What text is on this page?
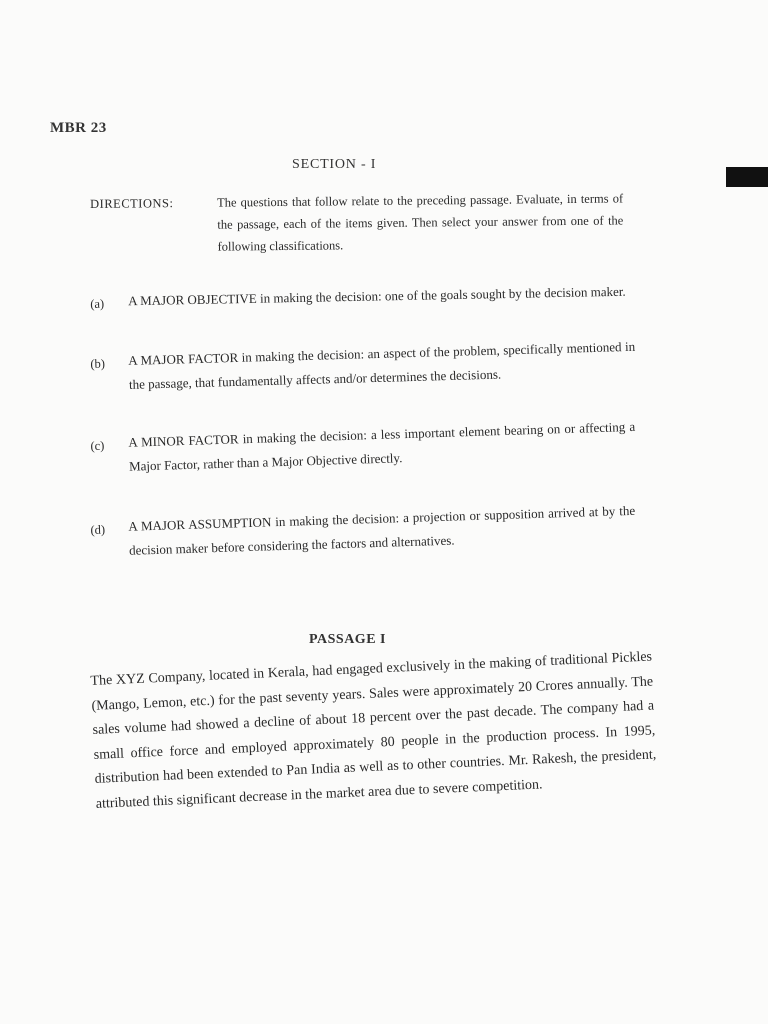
MBR 23
SECTION - I
DIRECTIONS:	The questions that follow relate to the preceding passage. Evaluate, in terms of the passage, each of the items given. Then select your answer from one of the following classifications.
(a) A MAJOR OBJECTIVE in making the decision: one of the goals sought by the decision maker.
(b) A MAJOR FACTOR in making the decision: an aspect of the problem, specifically mentioned in the passage, that fundamentally affects and/or determines the decisions.
(c) A MINOR FACTOR in making the decision: a less important element bearing on or affecting a Major Factor, rather than a Major Objective directly.
(d) A MAJOR ASSUMPTION in making the decision: a projection or supposition arrived at by the decision maker before considering the factors and alternatives.
PASSAGE I
The XYZ Company, located in Kerala, had engaged exclusively in the making of traditional Pickles (Mango, Lemon, etc.) for the past seventy years. Sales were approximately 20 Crores annually. The sales volume had showed a decline of about 18 percent over the past decade. The company had a small office force and employed approximately 80 people in the production process. In 1995, distribution had been extended to Pan India as well as to other countries. Mr. Rakesh, the president, attributed this significant decrease in the market area due to severe competition.
